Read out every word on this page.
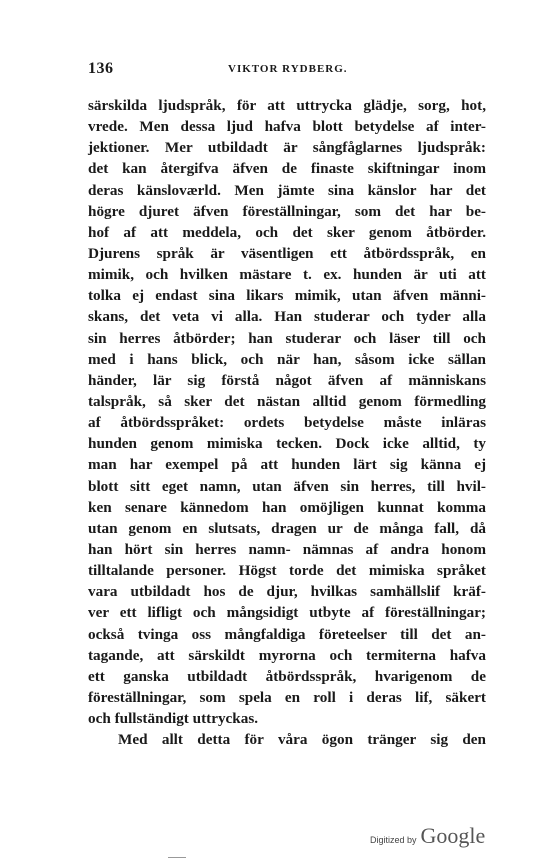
136	VIKTOR RYDBERG.
särskilda ljudspråk, för att uttrycka glädje, sorg, hot,
vrede. Men dessa ljud hafva blott betydelse af inter-
jektioner. Mer utbildadt är sångfåglarnes ljudspråk:
det kan återgifva äfven de finaste skiftningar inom
deras känsloværld. Men jämte sina känslor har det
högre djuret äfven föreställningar, som det har be-
hof af att meddela, och det sker genom åtbörder.
Djurens språk är väsentligen ett åtbördsspråk, en
mimik, och hvilken mästare t. ex. hunden är uti att
tolka ej endast sina likars mimik, utan äfven männi-
skans, det veta vi alla. Han studerar och tyder alla
sin herres åtbörder; han studerar och läser till och
med i hans blick, och när han, såsom icke sällan
händer, lär sig förstå något äfven af människans
talspråk, så sker det nästan alltid genom förmedling
af åtbördsspråket: ordets betydelse måste inläras
hunden genom mimiska tecken. Dock icke alltid, ty
man har exempel på att hunden lärt sig känna ej
blott sitt eget namn, utan äfven sin herres, till hvil-
ken senare kännedom han omöjligen kunnat komma
utan genom en slutsats, dragen ur de många fall, då
han hört sin herres namn- nämnas af andra honom
tilltalande personer. Högst torde det mimiska språket
vara utbildadt hos de djur, hvilkas samhällslif kräf-
ver ett lifligt och mångsidigt utbyte af föreställningar;
också tvinga oss mångfaldiga företeelser till det an-
tagande, att särskildt myrorna och termiterna hafva
ett ganska utbildadt åtbördsspråk, hvarigenom de
föreställningar, som spela en roll i deras lif, säkert
och fullständigt uttryckas.
Med allt detta för våra ögon tränger sig den
Digitized by Google
